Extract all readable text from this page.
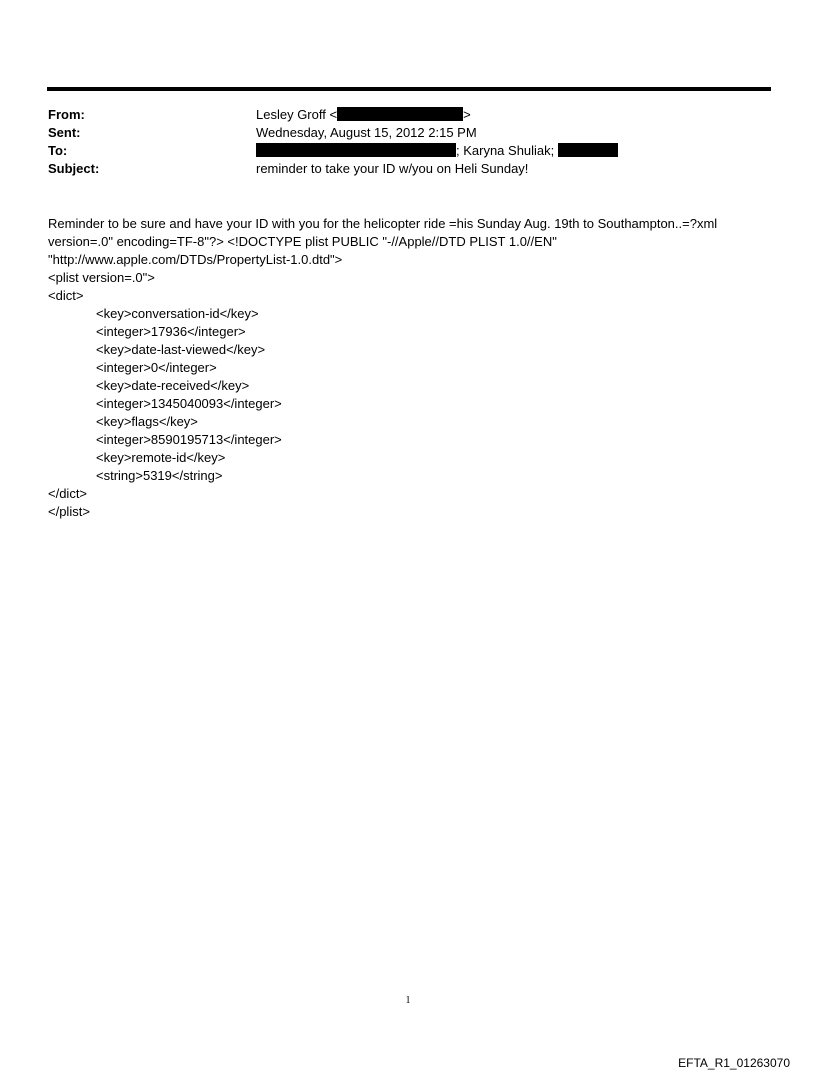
From:	Lesley Groff <	>
Sent:	Wednesday, August 15, 2012 2:15 PM
To:	; Karyna Shuliak;
Subject:	reminder to take your ID w/you on Heli Sunday!
Reminder to be sure and have your ID with you for the helicopter ride =his Sunday Aug. 19th to Southampton..=?xml
version=.0" encoding=TF-8"?> <!DOCTYPE plist PUBLIC "-//Apple//DTD PLIST 1.0//EN"
"http://www.apple.com/DTDs/PropertyList-1.0.dtd">
<plist version=.0">
<dict>
<key>conversation-id</key>
<integer>17936</integer>
<key>date-last-viewed</key>
<integer>0</integer>
<key>date-received</key>
<integer>1345040093</integer>
<key>flags</key>
<integer>8590195713</integer>
<key>remote-id</key>
<string>5319</string>
</dict>
</plist>
1
EFTA_R1_01263070
